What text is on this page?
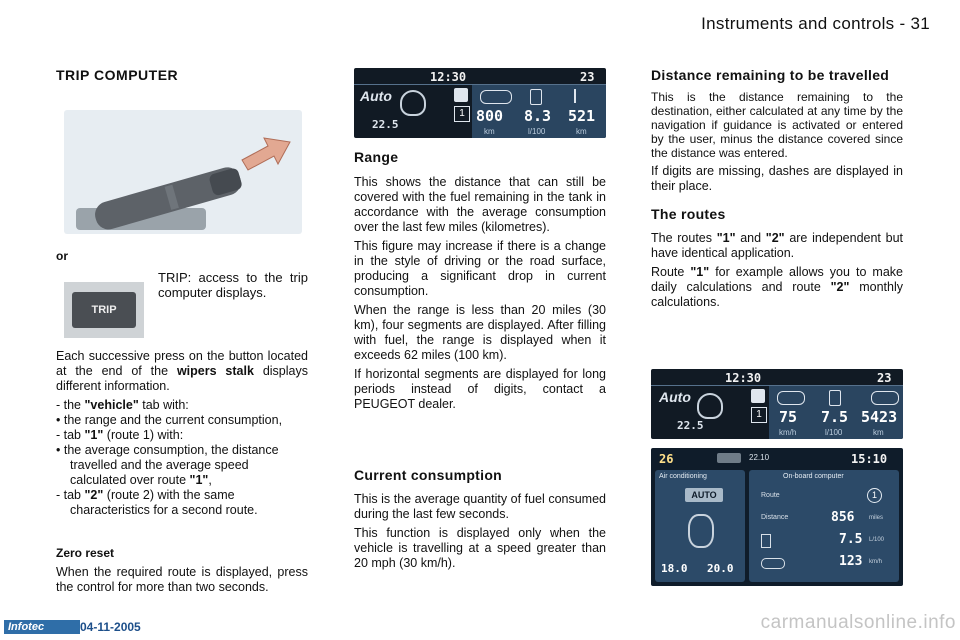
Instruments and controls - 31
TRIP COMPUTER
or
TRIP

TRIP: access to the trip computer displays.

Each successive press on the button located at the end of the wipers stalk displays different information.

- the "vehicle" tab with:
• the range and the current consumption,
- tab "1" (route 1) with:
• the average consumption, the distance travelled and the average speed calculated over route "1",
- tab "2" (route 2) with the same characteristics for a second route.
Zero reset

When the required route is displayed, press the control for more than two seconds.

12:30	23
Auto
22.5
1 800 8.3 521
km	l/100	km
Range

This shows the distance that can still be covered with the fuel remaining in the tank in accordance with the average consumption over the last few miles (kilometres).

This figure may increase if there is a change in the style of driving or the road surface, producing a significant drop in current consumption.

When the range is less than 20 miles (30 km), four segments are displayed. After filling with fuel, the range is displayed when it exceeds 62 miles (100 km).

If horizontal segments are displayed for long periods instead of digits, contact a PEUGEOT dealer.

Current consumption

This is the average quantity of fuel consumed during the last few seconds.

This function is displayed only when the vehicle is travelling at a speed greater than 20 mph (30 km/h).

Distance remaining to be travelled

This is the distance remaining to the destination, either calculated at any time by the navigation if guidance is activated or entered by the user, minus the distance covered since the distance was entered.

If digits are missing, dashes are displayed in their place.

The routes

The routes "1" and "2" are independent but have identical application.

Route "1" for example allows you to make daily calculations and route "2" monthly calculations.

12:30	23
Auto
22.5
1	75 7.5 5423
km/h	l/100	km
26	22.10	15:10
Air conditioning
AUTO
18.0 20.0
On-board computer
Route	1
Distance	856 miles
7.5 L/100
123 km/h
Infotec	04-11-2005	carmanualsonline.info
